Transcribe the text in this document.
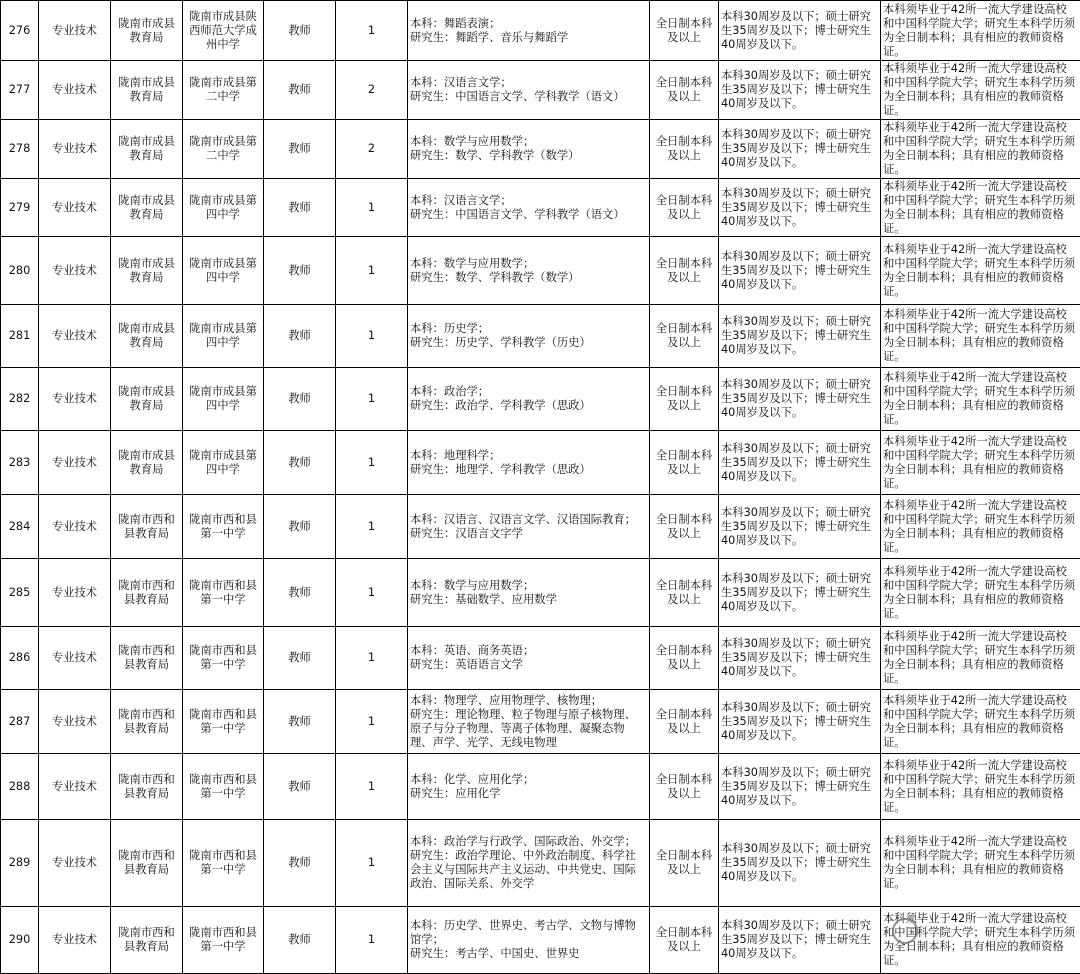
276	专业技术	陇南市成县教育局	陇南市成县陕西师范大学成州中学	教师	1	本科：舞蹈表演；
研究生：舞蹈学、音乐与舞蹈学	全日制本科及以上	本科30周岁及以下；硕士研究生35周岁及以下；博士研究生40周岁及以下。	本科须毕业于42所一流大学建设高校和中国科学院大学；研究生本科学历须为全日制本科；具有相应的教师资格证。
277	专业技术	陇南市成县教育局	陇南市成县第二中学	教师	2	本科：汉语言文学；
研究生：中国语言文学、学科教学（语文）	全日制本科及以上	本科30周岁及以下；硕士研究生35周岁及以下；博士研究生40周岁及以下。	本科须毕业于42所一流大学建设高校和中国科学院大学；研究生本科学历须为全日制本科；具有相应的教师资格证。
278	专业技术	陇南市成县教育局	陇南市成县第二中学	教师	2	本科：数学与应用数学；
研究生：数学、学科教学（数学）	全日制本科及以上	本科30周岁及以下；硕士研究生35周岁及以下；博士研究生40周岁及以下。	本科须毕业于42所一流大学建设高校和中国科学院大学；研究生本科学历须为全日制本科；具有相应的教师资格证。
279	专业技术	陇南市成县教育局	陇南市成县第四中学	教师	1	本科：汉语言文学；
研究生：中国语言文学、学科教学（语文）	全日制本科及以上	本科30周岁及以下；硕士研究生35周岁及以下；博士研究生40周岁及以下。	本科须毕业于42所一流大学建设高校和中国科学院大学；研究生本科学历须为全日制本科；具有相应的教师资格证。
280	专业技术	陇南市成县教育局	陇南市成县第四中学	教师	1	本科：数学与应用数学；
研究生：数学、学科教学（数学）	全日制本科及以上	本科30周岁及以下；硕士研究生35周岁及以下；博士研究生40周岁及以下。	本科须毕业于42所一流大学建设高校和中国科学院大学；研究生本科学历须为全日制本科；具有相应的教师资格证。
281	专业技术	陇南市成县教育局	陇南市成县第四中学	教师	1	本科：历史学；
研究生：历史学、学科教学（历史）	全日制本科及以上	本科30周岁及以下；硕士研究生35周岁及以下；博士研究生40周岁及以下。	本科须毕业于42所一流大学建设高校和中国科学院大学；研究生本科学历须为全日制本科；具有相应的教师资格证。
282	专业技术	陇南市成县教育局	陇南市成县第四中学	教师	1	本科：政治学；
研究生：政治学、学科教学（思政）	全日制本科及以上	本科30周岁及以下；硕士研究生35周岁及以下；博士研究生40周岁及以下。	本科须毕业于42所一流大学建设高校和中国科学院大学；研究生本科学历须为全日制本科；具有相应的教师资格证。
283	专业技术	陇南市成县教育局	陇南市成县第四中学	教师	1	本科：地理科学；
研究生：地理学、学科教学（思政）	全日制本科及以上	本科30周岁及以下；硕士研究生35周岁及以下；博士研究生40周岁及以下。	本科须毕业于42所一流大学建设高校和中国科学院大学；研究生本科学历须为全日制本科；具有相应的教师资格证。
284	专业技术	陇南市西和县教育局	陇南市西和县第一中学	教师	1	本科：汉语言、汉语言文学、汉语国际教育；
研究生：汉语言文字学	全日制本科及以上	本科30周岁及以下；硕士研究生35周岁及以下；博士研究生40周岁及以下。	本科须毕业于42所一流大学建设高校和中国科学院大学；研究生本科学历须为全日制本科；具有相应的教师资格证。
285	专业技术	陇南市西和县教育局	陇南市西和县第一中学	教师	1	本科：数学与应用数学；
研究生：基础数学、应用数学	全日制本科及以上	本科30周岁及以下；硕士研究生35周岁及以下；博士研究生40周岁及以下。	本科须毕业于42所一流大学建设高校和中国科学院大学；研究生本科学历须为全日制本科；具有相应的教师资格证。
286	专业技术	陇南市西和县教育局	陇南市西和县第一中学	教师	1	本科：英语、商务英语；
研究生：英语语言文学	全日制本科及以上	本科30周岁及以下；硕士研究生35周岁及以下；博士研究生40周岁及以下。	本科须毕业于42所一流大学建设高校和中国科学院大学；研究生本科学历须为全日制本科；具有相应的教师资格证。
287	专业技术	陇南市西和县教育局	陇南市西和县第一中学	教师	1	本科：物理学、应用物理学、核物理；
研究生：理论物理、粒子物理与原子核物理、原子与分子物理、等离子体物理、凝聚态物理、声学、光学、无线电物理	全日制本科及以上	本科30周岁及以下；硕士研究生35周岁及以下；博士研究生40周岁及以下。	本科须毕业于42所一流大学建设高校和中国科学院大学；研究生本科学历须为全日制本科；具有相应的教师资格证。
288	专业技术	陇南市西和县教育局	陇南市西和县第一中学	教师	1	本科：化学、应用化学；
研究生：应用化学	全日制本科及以上	本科30周岁及以下；硕士研究生35周岁及以下；博士研究生40周岁及以下。	本科须毕业于42所一流大学建设高校和中国科学院大学；研究生本科学历须为全日制本科；具有相应的教师资格证。
289	专业技术	陇南市西和县教育局	陇南市西和县第一中学	教师	1	本科：政治学与行政学、国际政治、外交学；
研究生：政治学理论、中外政治制度、科学社会主义与国际共产主义运动、中共党史、国际政治、国际关系、外交学	全日制本科及以上	本科30周岁及以下；硕士研究生35周岁及以下；博士研究生40周岁及以下。	本科须毕业于42所一流大学建设高校和中国科学院大学；研究生本科学历须为全日制本科；具有相应的教师资格证。
290	专业技术	陇南市西和县教育局	陇南市西和县第一中学	教师	1	本科：历史学、世界史、考古学、文物与博物馆学；
研究生：考古学、中国史、世界史	全日制本科及以上	本科30周岁及以下；硕士研究生35周岁及以下；博士研究生40周岁及以下。	本科须毕业于42所一流大学建设高校和中国科学院大学；研究生本科学历须为全日制本科；具有相应的教师资格证。
